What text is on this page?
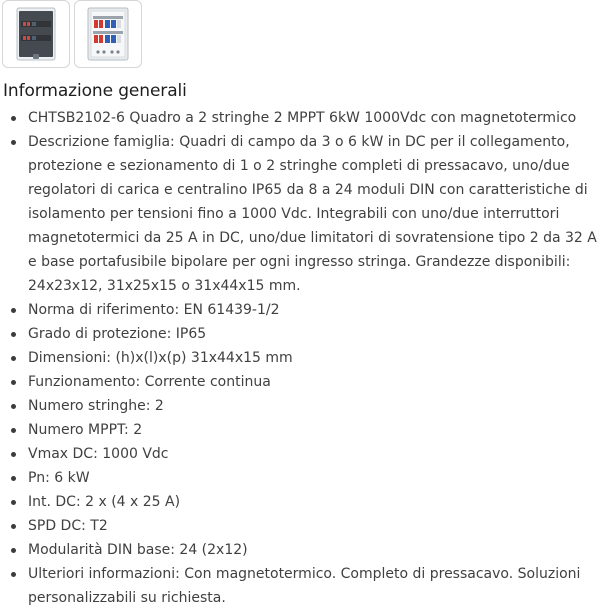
Informazione generali
CHTSB2102-6 Quadro a 2 stringhe 2 MPPT 6kW 1000Vdc con magnetotermico
Descrizione famiglia: Quadri di campo da 3 o 6 kW in DC per il collegamento,
protezione e sezionamento di 1 o 2 stringhe completi di pressacavo, uno/due
regolatori di carica e centralino IP65 da 8 a 24 moduli DIN con caratteristiche di
isolamento per tensioni fino a 1000 Vdc. Integrabili con uno/due interruttori
magnetotermici da 25 A in DC, uno/due limitatori di sovratensione tipo 2 da 32 A
e base portafusibile bipolare per ogni ingresso stringa. Grandezze disponibili:
24x23x12, 31x25x15 o 31x44x15 mm.
Norma di riferimento: EN 61439-1/2
Grado di protezione: IP65
Dimensioni: (h)x(l)x(p) 31x44x15 mm
Funzionamento: Corrente continua
Numero stringhe: 2
Numero MPPT: 2
Vmax DC: 1000 Vdc
Pn: 6 kW
Int. DC: 2 x (4 x 25 A)
SPD DC: T2
Modularità DIN base: 24 (2x12)
Ulteriori informazioni: Con magnetotermico. Completo di pressacavo. Soluzioni
personalizzabili su richiesta.
